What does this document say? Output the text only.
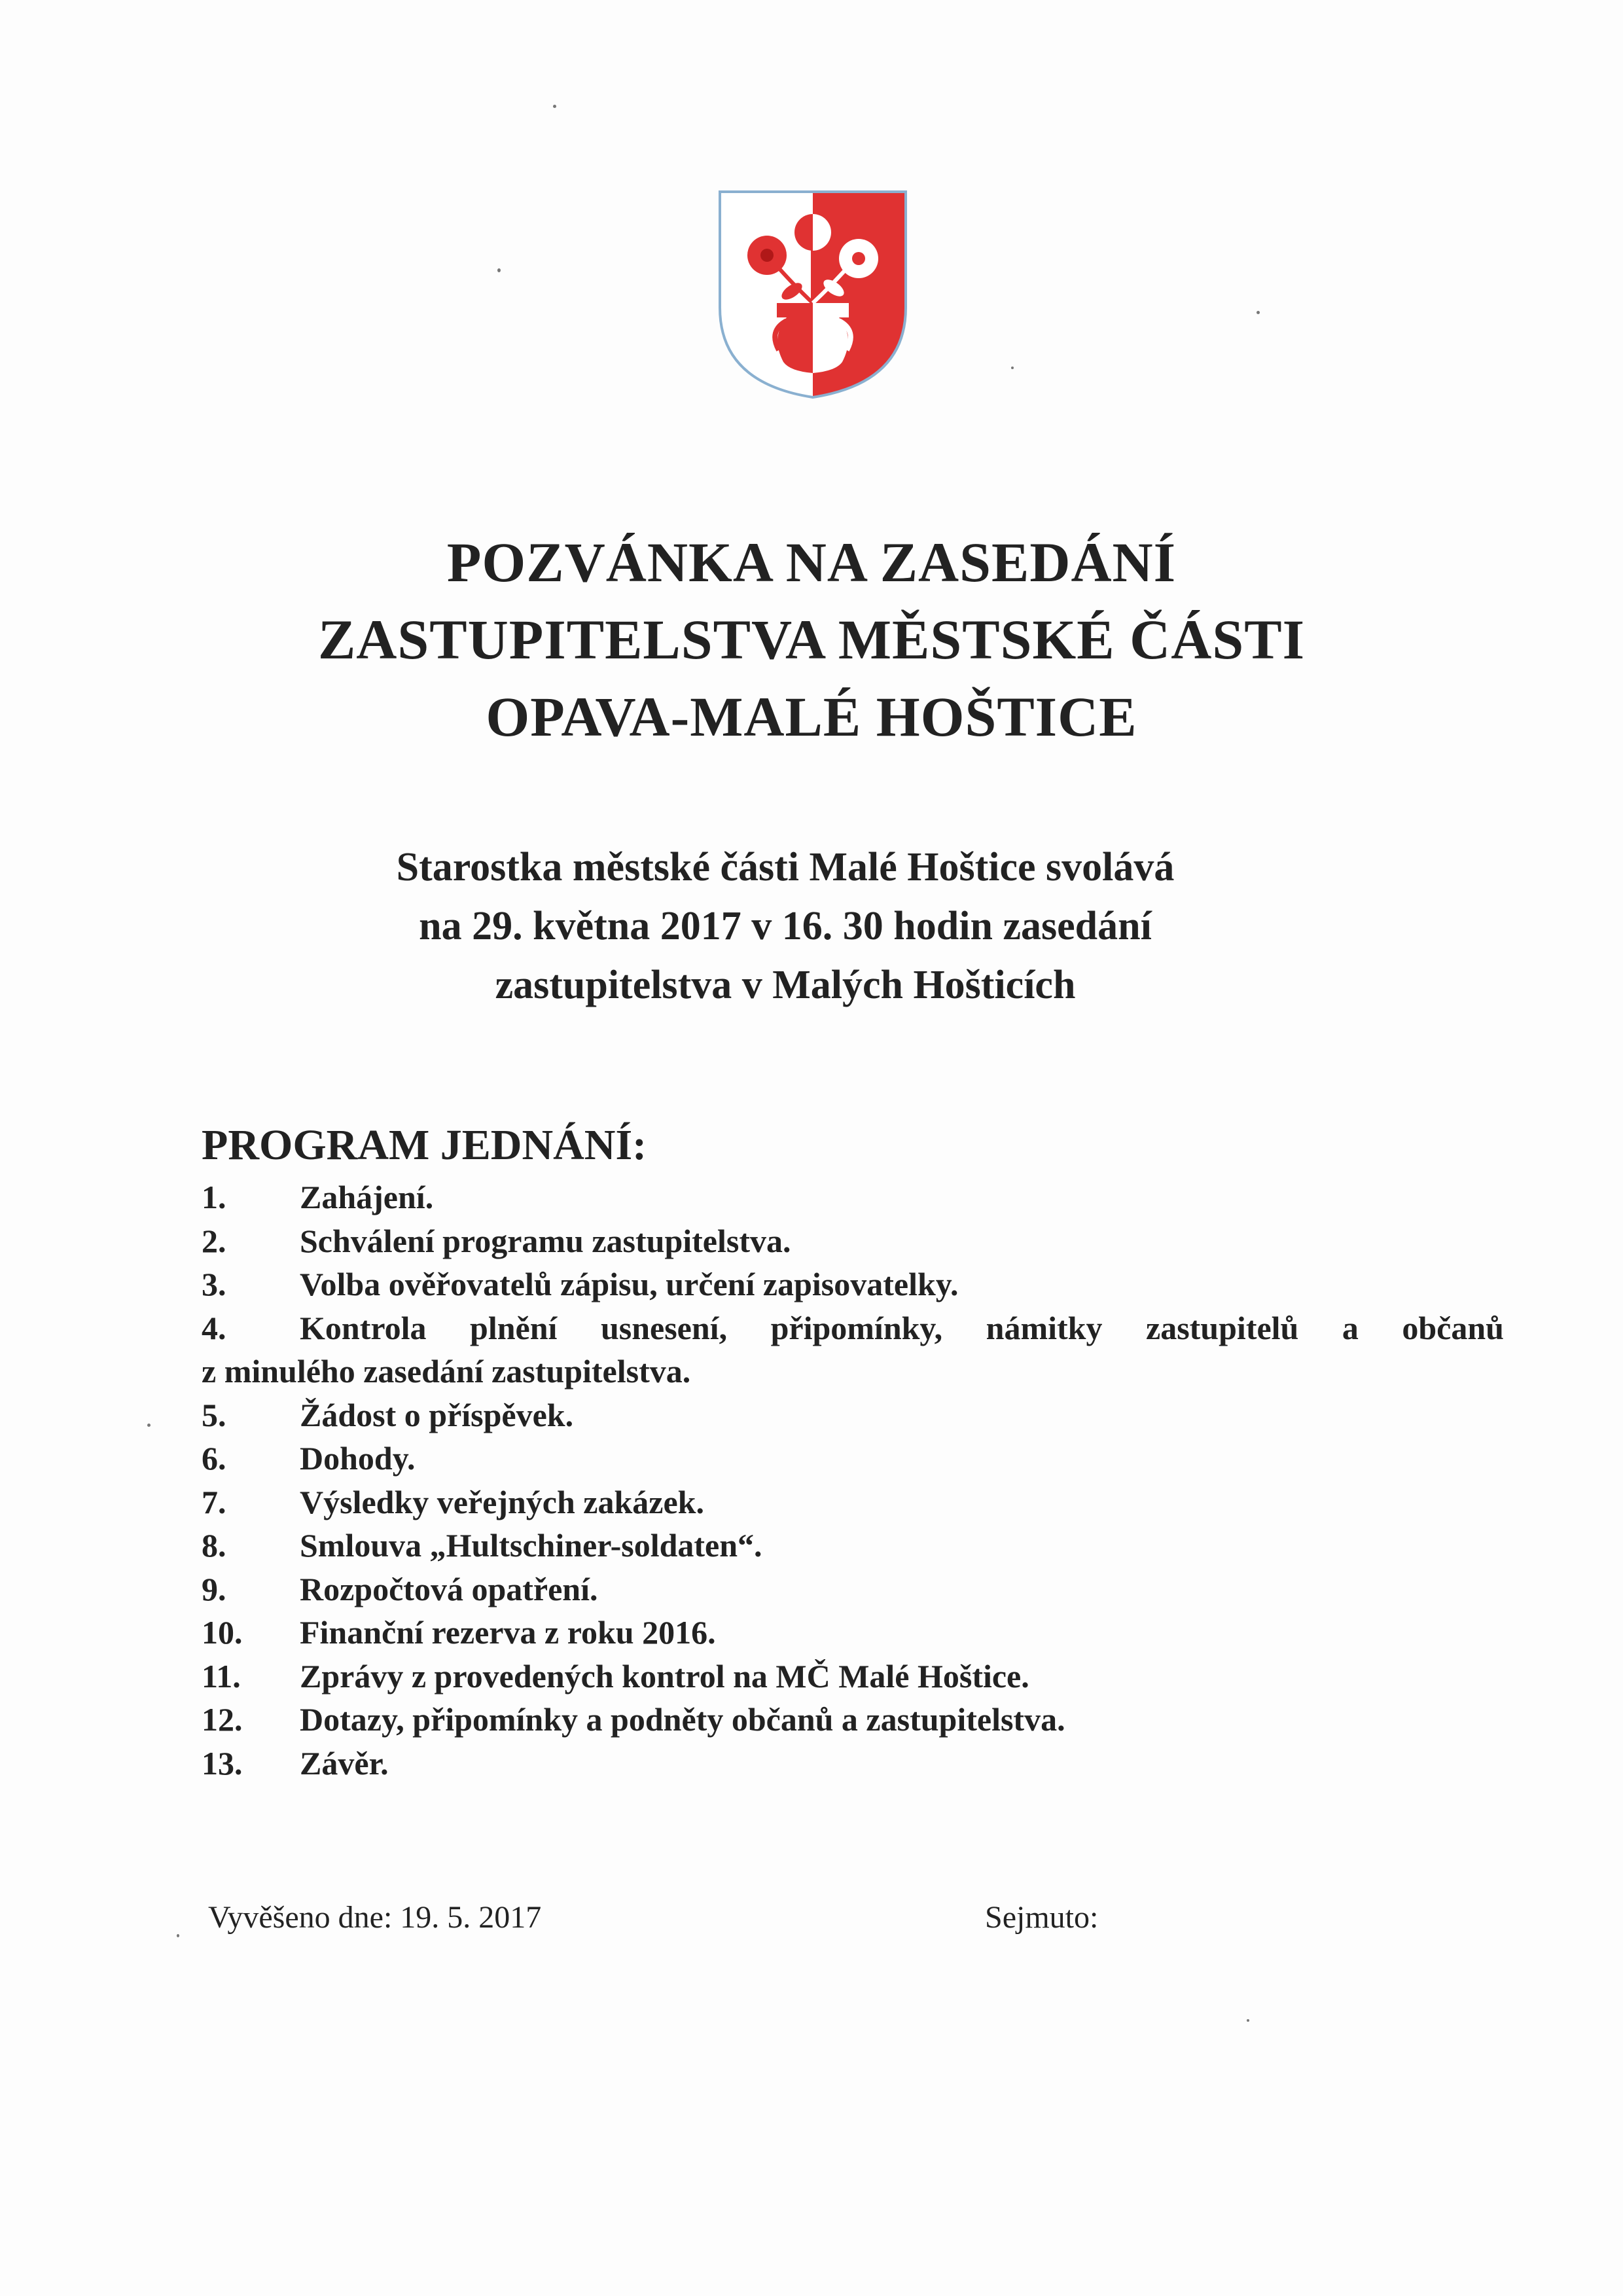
POZVÁNKA NA ZASEDÁNÍ
ZASTUPITELSTVA MĚSTSKÉ ČÁSTI
OPAVA-MALÉ HOŠTICE
Starostka městské části Malé Hoštice svolává
na 29. května 2017 v 16. 30 hodin zasedání
zastupitelstva v Malých Hošticích
PROGRAM JEDNÁNÍ:
1.	Zahájení.
2.	Schválení programu zastupitelstva.
3.	Volba ověřovatelů zápisu, určení zapisovatelky.
4.	Kontrola plnění usnesení, připomínky, námitky zastupitelů a občanů
z minulého zasedání zastupitelstva.
5.	Žádost o příspěvek.
6.	Dohody.
7.	Výsledky veřejných zakázek.
8.	Smlouva „Hultschiner-soldaten“.
9.	Rozpočtová opatření.
10.	Finanční rezerva z roku 2016.
11.	Zprávy z provedených kontrol na MČ Malé Hoštice.
12.	Dotazy, připomínky a podněty občanů a zastupitelstva.
13.	Závěr.
Vyvěšeno dne: 19. 5. 2017	Sejmuto:
